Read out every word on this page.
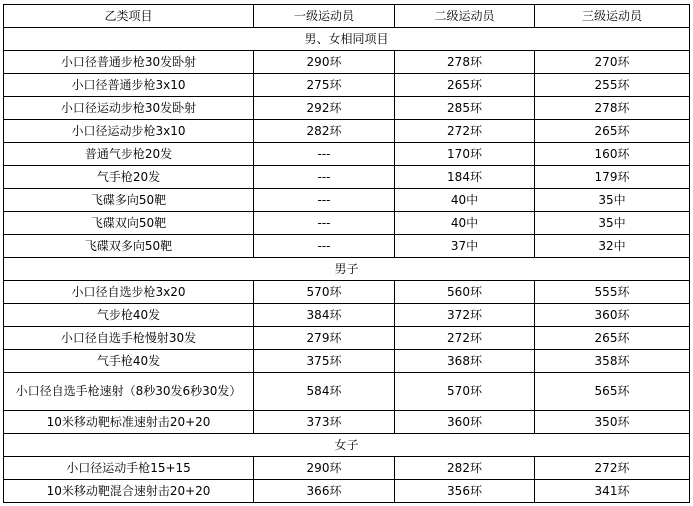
乙类项目	一级运动员	二级运动员	三级运动员
男、女相同项目			
小口径普通步枪30发卧射	290环	278环	270环
小口径普通步枪3x10	275环	265环	255环
小口径运动步枪30发卧射	292环	285环	278环
小口径运动步枪3x10	282环	272环	265环
普通气步枪20发	---	170环	160环
气手枪20发	---	184环	179环
飞碟多向50靶	---	40中	35中
飞碟双向50靶	---	40中	35中
飞碟双多向50靶	---	37中	32中
男子			
小口径自选步枪3x20	570环	560环	555环
气步枪40发	384环	372环	360环
小口径自选手枪慢射30发	279环	272环	265环
气手枪40发	375环	368环	358环
小口径自选手枪速射（8秒30发6秒30发）	584环	570环	565环
10米移动靶标准速射击20+20	373环	360环	350环
女子			
小口径运动手枪15+15	290环	282环	272环
10米移动靶混合速射击20+20	366环	356环	341环
